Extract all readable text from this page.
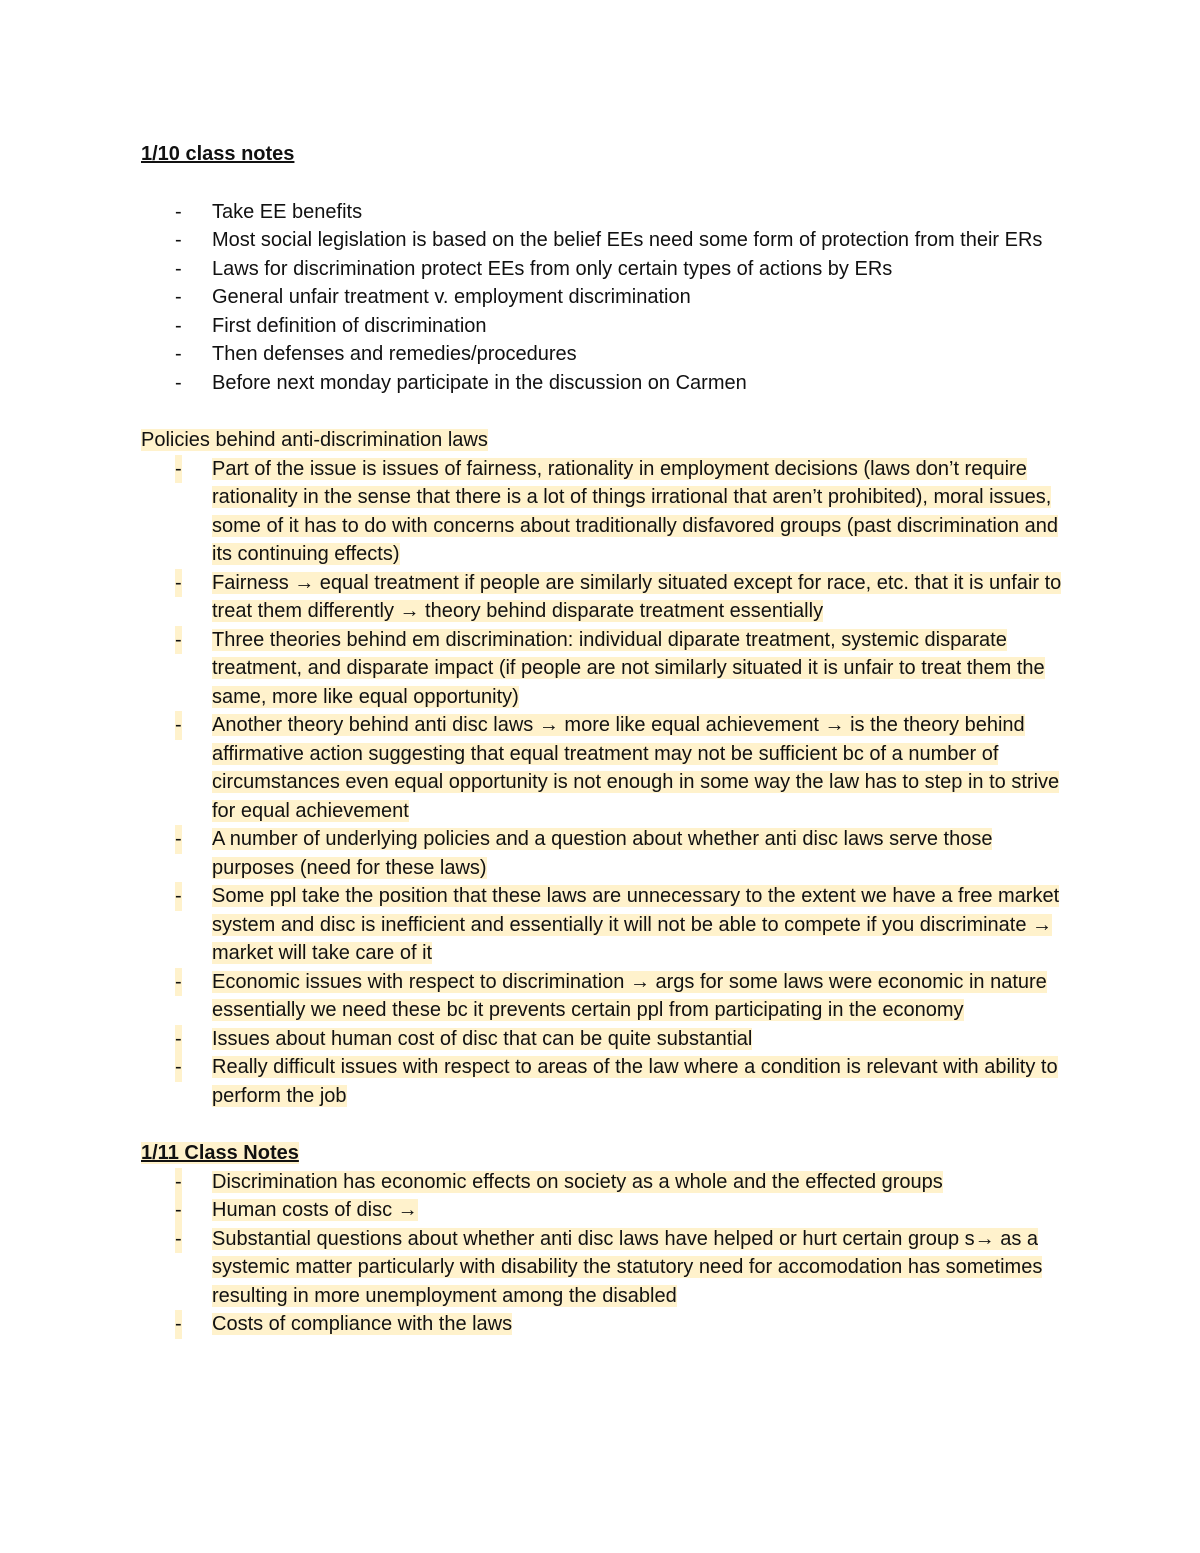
1/10 class notes
- Take EE benefits
- Most social legislation is based on the belief EEs need some form of protection from their ERs
- Laws for discrimination protect EEs from only certain types of actions by ERs
- General unfair treatment v. employment discrimination
- First definition of discrimination
- Then defenses and remedies/procedures
- Before next monday participate in the discussion on Carmen
Policies behind anti-discrimination laws
- Part of the issue is issues of fairness, rationality in employment decisions (laws don’t require rationality in the sense that there is a lot of things irrational that aren’t prohibited), moral issues, some of it has to do with concerns about traditionally disfavored groups (past discrimination and its continuing effects)
- Fairness → equal treatment if people are similarly situated except for race, etc. that it is unfair to treat them differently → theory behind disparate treatment essentially
- Three theories behind em discrimination: individual diparate treatment, systemic disparate treatment, and disparate impact (if people are not similarly situated it is unfair to treat them the same, more like equal opportunity)
- Another theory behind anti disc laws → more like equal achievement → is the theory behind affirmative action suggesting that equal treatment may not be sufficient bc of a number of circumstances even equal opportunity is not enough in some way the law has to step in to strive for equal achievement
- A number of underlying policies and a question about whether anti disc laws serve those purposes (need for these laws)
- Some ppl take the position that these laws are unnecessary to the extent we have a free market system and disc is inefficient and essentially it will not be able to compete if you discriminate → market will take care of it
- Economic issues with respect to discrimination → args for some laws were economic in nature essentially we need these bc it prevents certain ppl from participating in the economy
- Issues about human cost of disc that can be quite substantial
- Really difficult issues with respect to areas of the law where a condition is relevant with ability to perform the job
1/11 Class Notes
- Discrimination has economic effects on society as a whole and the effected groups
- Human costs of disc →
- Substantial questions about whether anti disc laws have helped or hurt certain group s→ as a systemic matter particularly with disability the statutory need for accomodation has sometimes resulting in more unemployment among the disabled
- Costs of compliance with the laws
